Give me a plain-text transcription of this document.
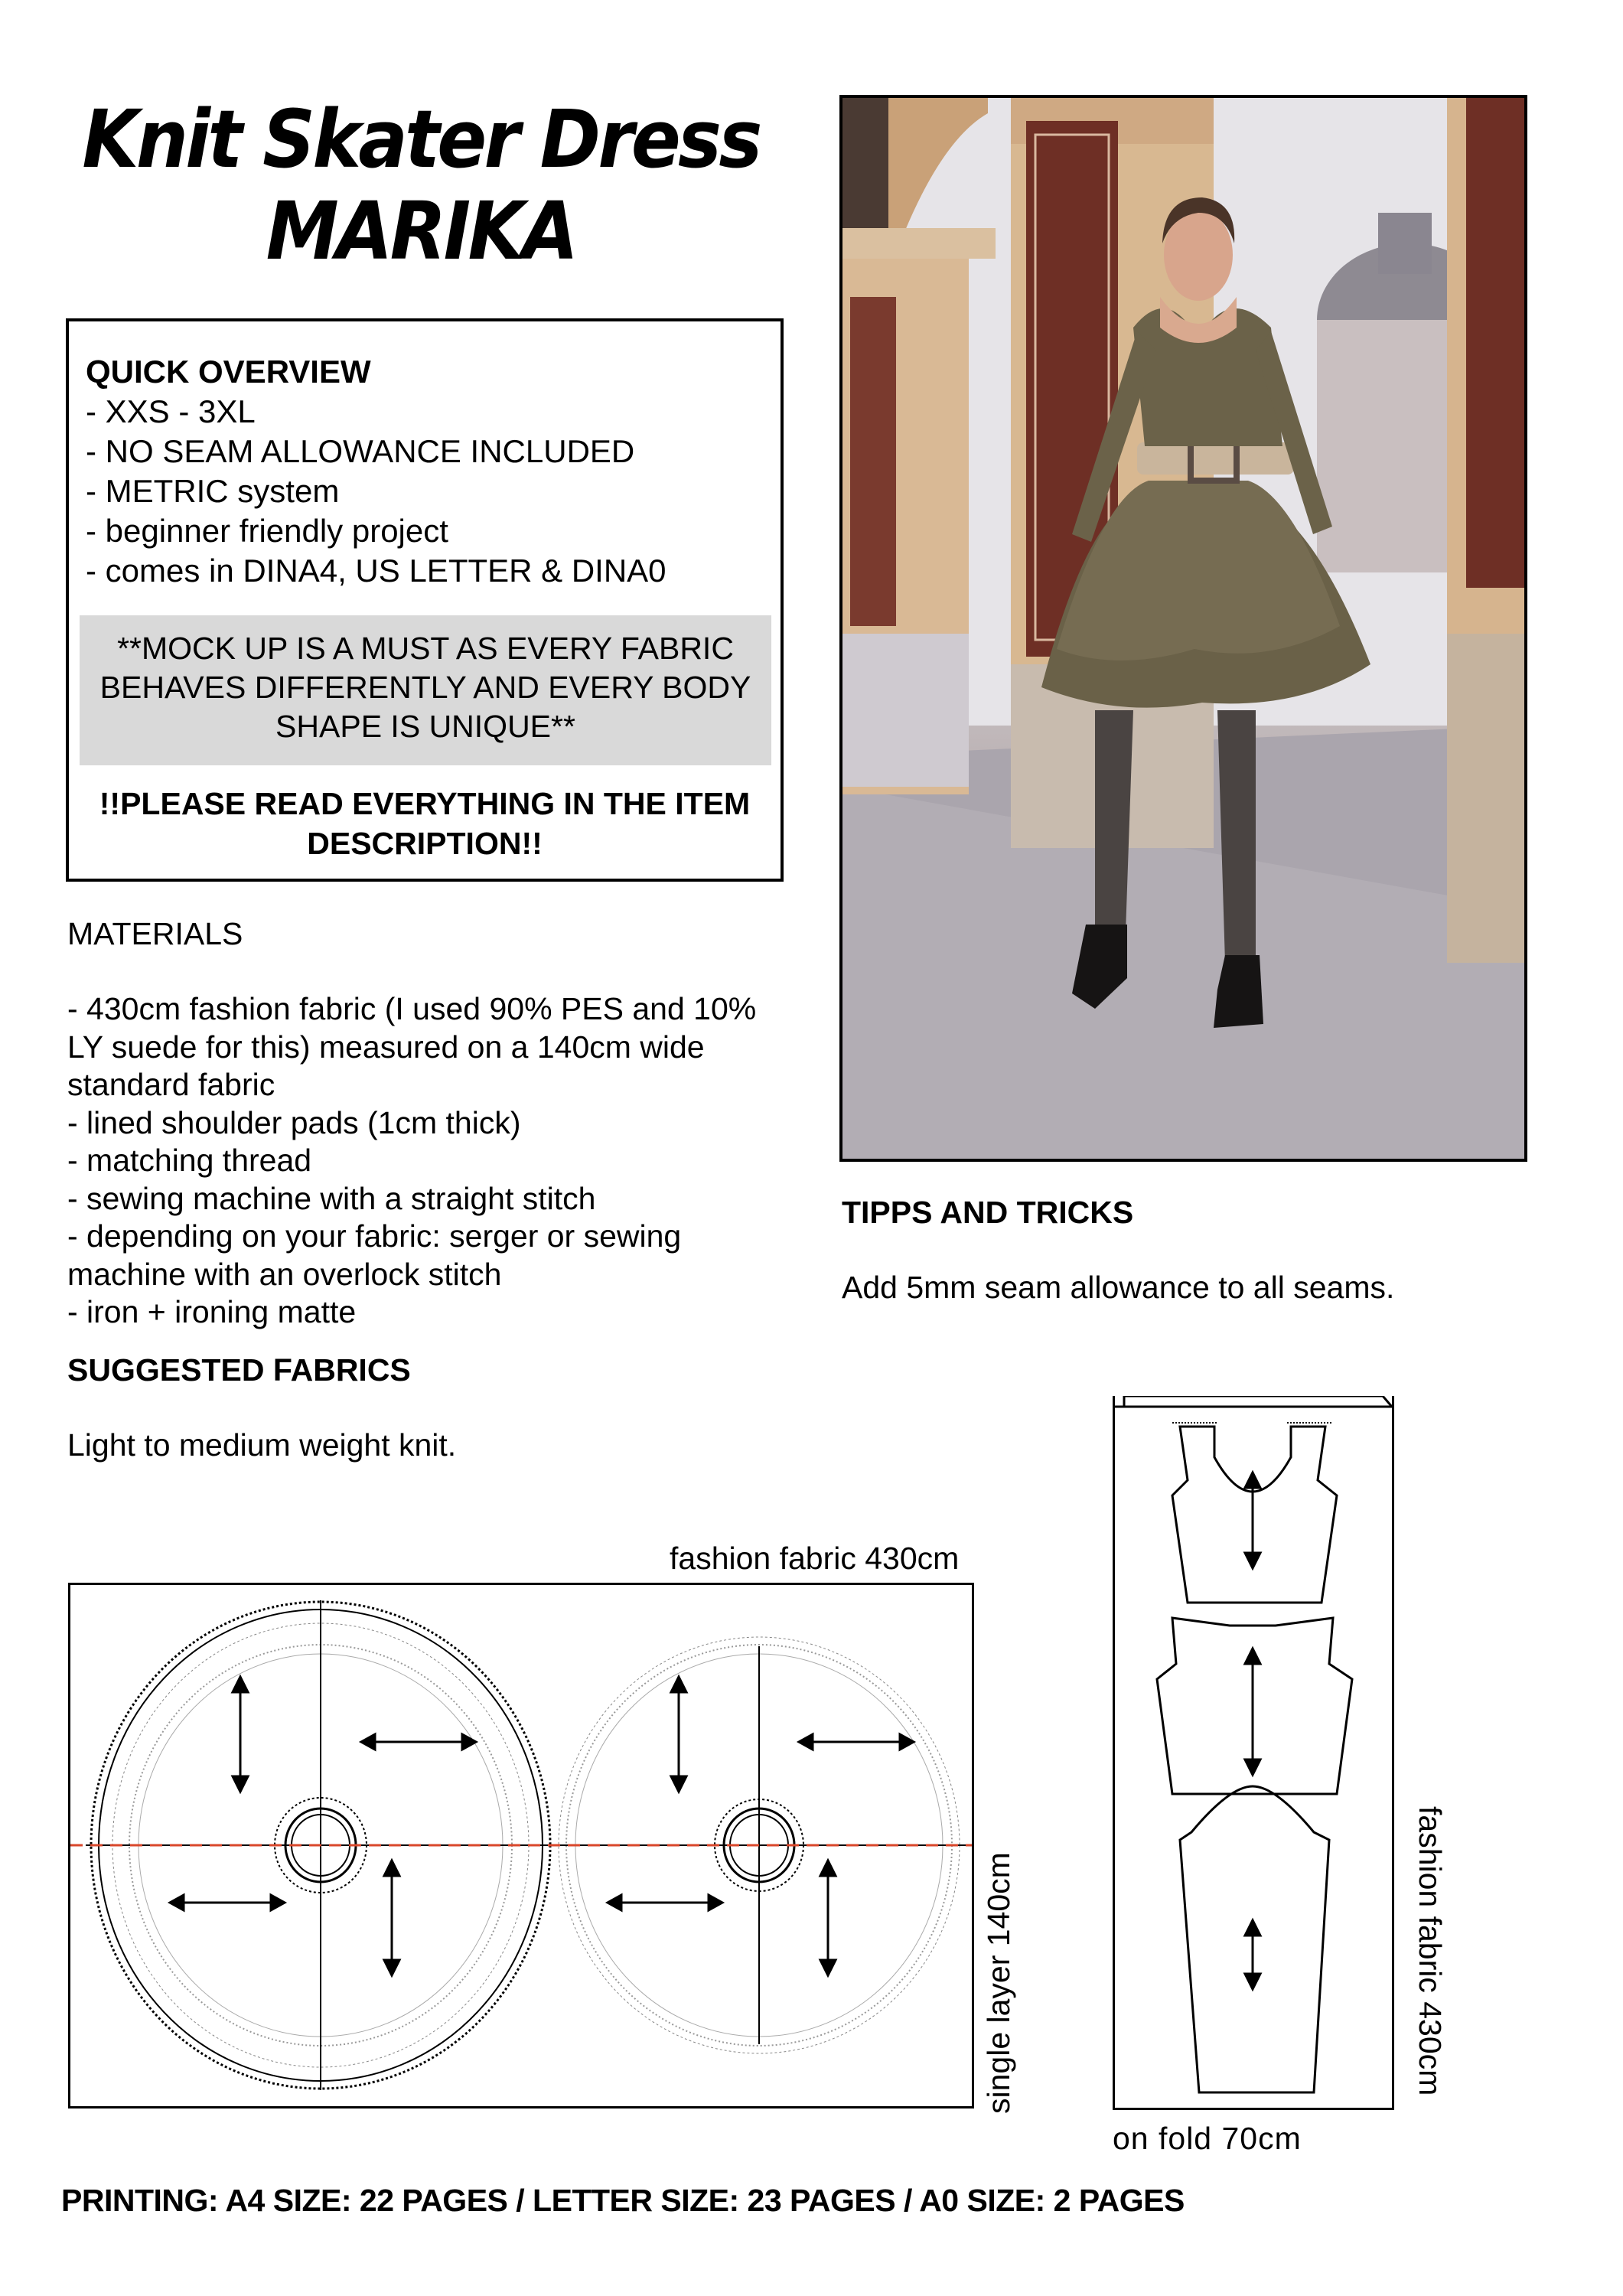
Knit Skater Dress
MARIKA
QUICK OVERVIEW
- XXS - 3XL
- NO SEAM ALLOWANCE INCLUDED
- METRIC system
- beginner friendly project
- comes in DINA4, US LETTER & DINA0
**MOCK UP IS A MUST AS EVERY FABRIC
BEHAVES DIFFERENTLY AND EVERY BODY
SHAPE IS UNIQUE**
!!PLEASE READ EVERYTHING IN THE ITEM
DESCRIPTION!!
MATERIALS
- 430cm fashion fabric (I used 90% PES and 10%
LY suede for this) measured on a 140cm wide
standard fabric
- lined shoulder pads (1cm thick)
- matching thread
- sewing machine with a straight stitch
- depending on your fabric: serger or sewing
machine with an overlock stitch
- iron + ironing matte
SUGGESTED FABRICS
Light to medium weight knit.
TIPPS AND TRICKS
Add 5mm seam allowance to all seams.
fashion fabric 430cm
single layer 140cm	fashion fabric 430cm
on fold 70cm
PRINTING: A4 SIZE: 22 PAGES / LETTER SIZE: 23 PAGES / A0 SIZE: 2 PAGES
